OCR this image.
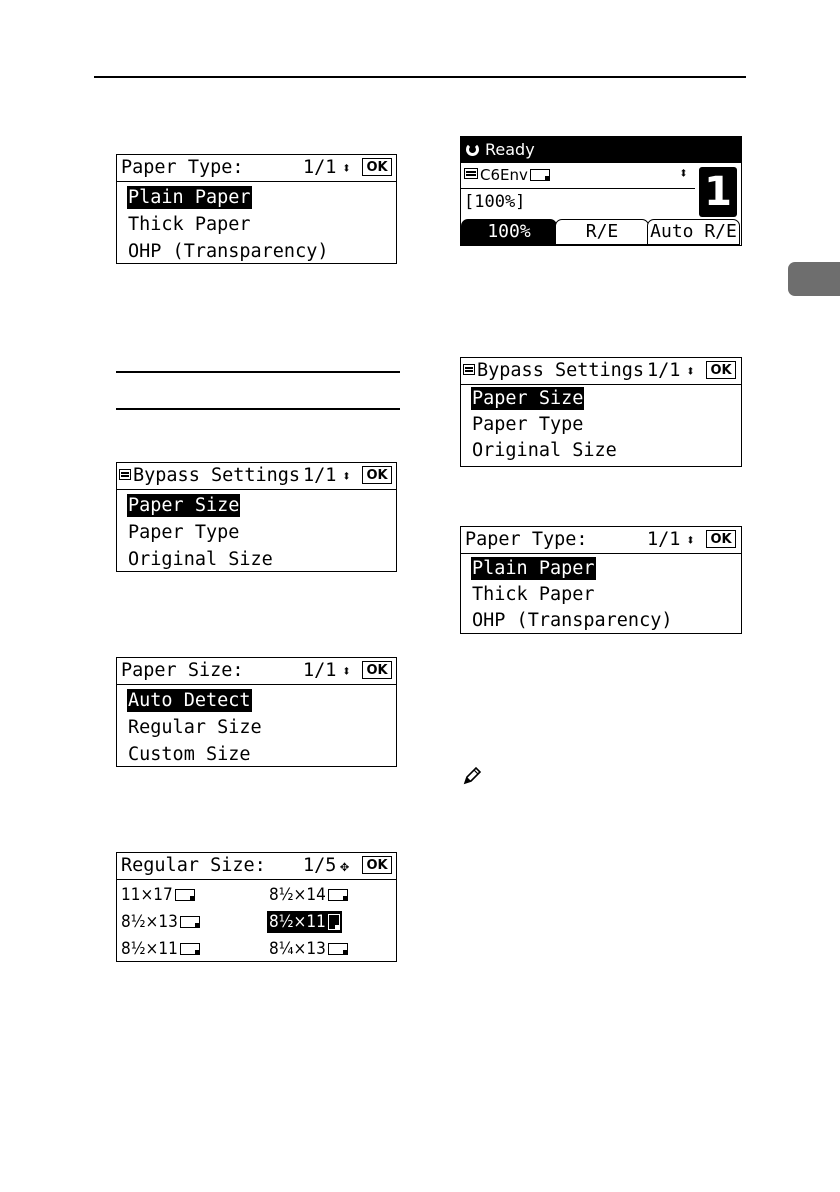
Paper Type:	1/1 ⬍	OK
Plain Paper
Thick Paper
OHP (Transparency)
Bypass Settings 1/1 ⬍	OK
Paper Size
Paper Type
Original Size
Paper Size:	1/1 ⬍	OK
Auto Detect
Regular Size
Custom Size
Regular Size: 1/5 ✥	OK
11×17	8½×14
8½×13	8½×11
8½×11	8¼×13
Ready
C6Env	⬍
[100%]	1
100%	R/E	Auto R/E
Bypass Settings 1/1 ⬍	OK
Paper Size
Paper Type
Original Size
Paper Type:	1/1 ⬍	OK
Plain Paper
Thick Paper
OHP (Transparency)
